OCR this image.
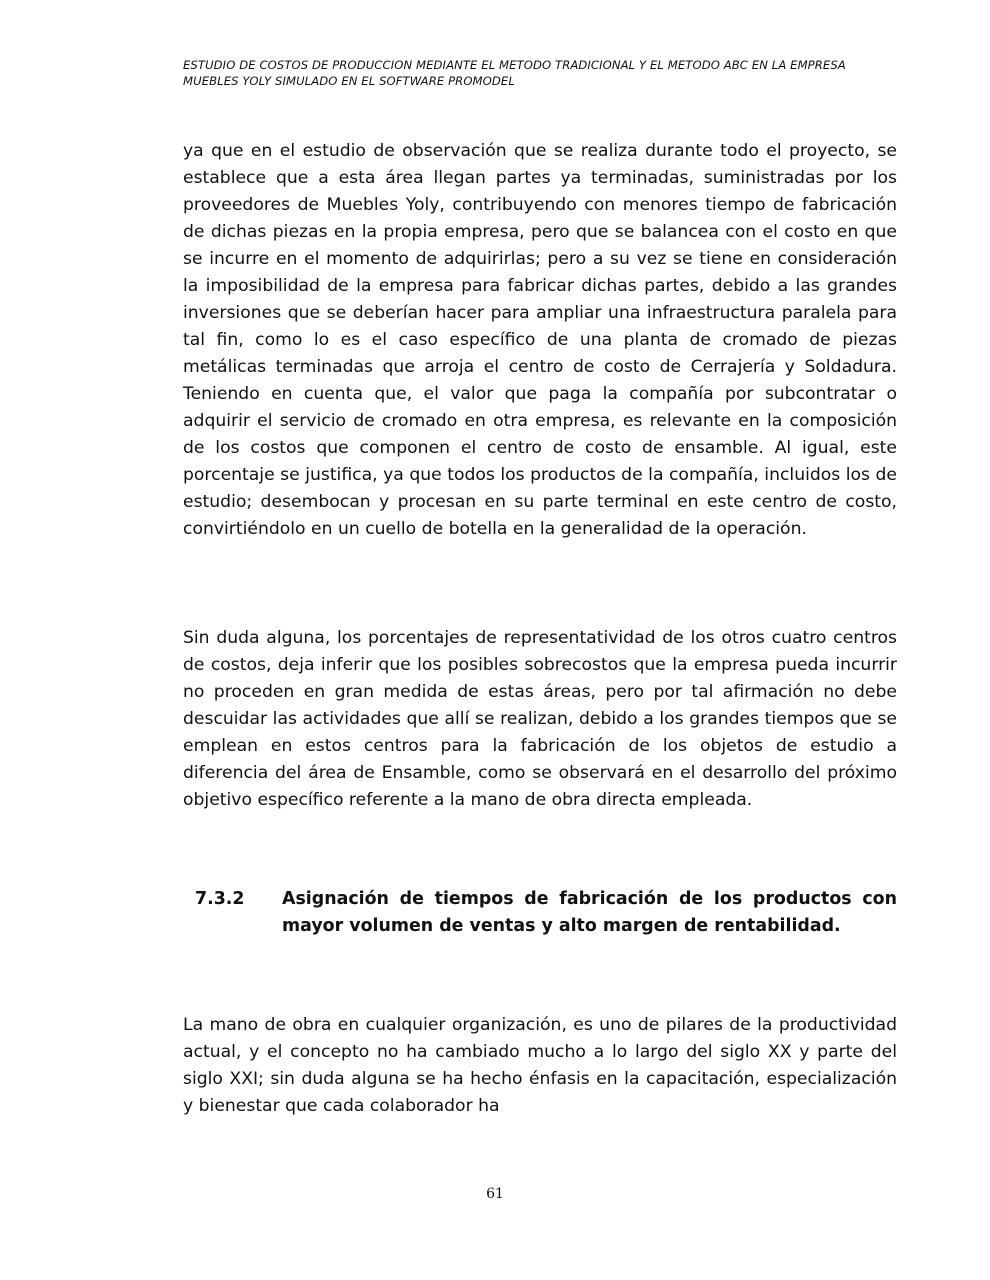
ESTUDIO DE COSTOS DE PRODUCCION MEDIANTE EL METODO TRADICIONAL Y EL METODO ABC EN LA EMPRESA MUEBLES YOLY SIMULADO EN EL SOFTWARE PROMODEL

ya que en el estudio de observación que se realiza durante todo el proyecto, se establece que a esta área llegan partes ya terminadas, suministradas por los proveedores de Muebles Yoly, contribuyendo con menores tiempo de fabricación de dichas piezas en la propia empresa, pero que se balancea con el costo en que se incurre en el momento de adquirirlas; pero a su vez se tiene en consideración la imposibilidad de la empresa para fabricar dichas partes, debido a las grandes inversiones que se deberían hacer para ampliar una infraestructura paralela para tal fin, como lo es el caso específico de una planta de cromado de piezas metálicas terminadas que arroja el centro de costo de Cerrajería y Soldadura. Teniendo en cuenta que, el valor que paga la compañía por subcontratar o adquirir el servicio de cromado en otra empresa, es relevante en la composición de los costos que componen el centro de costo de ensamble. Al igual, este porcentaje se justifica, ya que todos los productos de la compañía, incluidos los de estudio; desembocan y procesan en su parte terminal en este centro de costo, convirtiéndolo en un cuello de botella en la generalidad de la operación.

Sin duda alguna, los porcentajes de representatividad de los otros cuatro centros de costos, deja inferir que los posibles sobrecostos que la empresa pueda incurrir no proceden en gran medida de estas áreas, pero por tal afirmación no debe descuidar las actividades que allí se realizan, debido a los grandes tiempos que se emplean en estos centros para la fabricación de los objetos de estudio a diferencia del área de Ensamble, como se observará en el desarrollo del próximo objetivo específico referente a la mano de obra directa empleada.

7.3.2 Asignación de tiempos de fabricación de los productos con mayor volumen de ventas y alto margen de rentabilidad.

La mano de obra en cualquier organización, es uno de pilares de la productividad actual, y el concepto no ha cambiado mucho a lo largo del siglo XX y parte del siglo XXI; sin duda alguna se ha hecho énfasis en la capacitación, especialización y bienestar que cada colaborador ha

61
